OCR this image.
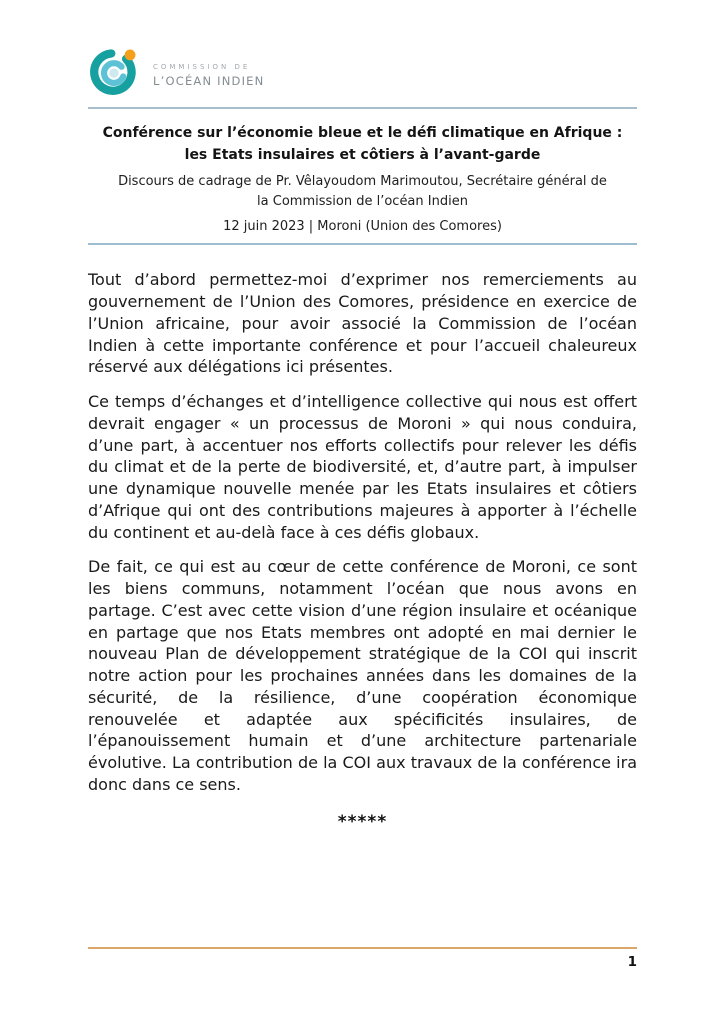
COMMISSION DE
L’OCÉAN INDIEN
Conférence sur l’économie bleue et le défi climatique en Afrique : les Etats insulaires et côtiers à l’avant-garde
Discours de cadrage de Pr. Vêlayoudom Marimoutou, Secrétaire général de la Commission de l’océan Indien
12 juin 2023 | Moroni (Union des Comores)

Tout d’abord permettez-moi d’exprimer nos remerciements au gouvernement de l’Union des Comores, présidence en exercice de l’Union africaine, pour avoir associé la Commission de l’océan Indien à cette importante conférence et pour l’accueil chaleureux réservé aux délégations ici présentes.

Ce temps d’échanges et d’intelligence collective qui nous est offert devrait engager « un processus de Moroni » qui nous conduira, d’une part, à accentuer nos efforts collectifs pour relever les défis du climat et de la perte de biodiversité, et, d’autre part, à impulser une dynamique nouvelle menée par les Etats insulaires et côtiers d’Afrique qui ont des contributions majeures à apporter à l’échelle du continent et au-delà face à ces défis globaux.

De fait, ce qui est au cœur de cette conférence de Moroni, ce sont les biens communs, notamment l’océan que nous avons en partage. C’est avec cette vision d’une région insulaire et océanique en partage que nos Etats membres ont adopté en mai dernier le nouveau Plan de développement stratégique de la COI qui inscrit notre action pour les prochaines années dans les domaines de la sécurité, de la résilience, d’une coopération économique renouvelée et adaptée aux spécificités insulaires, de l’épanouissement humain et d’une architecture partenariale évolutive. La contribution de la COI aux travaux de la conférence ira donc dans ce sens.

*****
1
